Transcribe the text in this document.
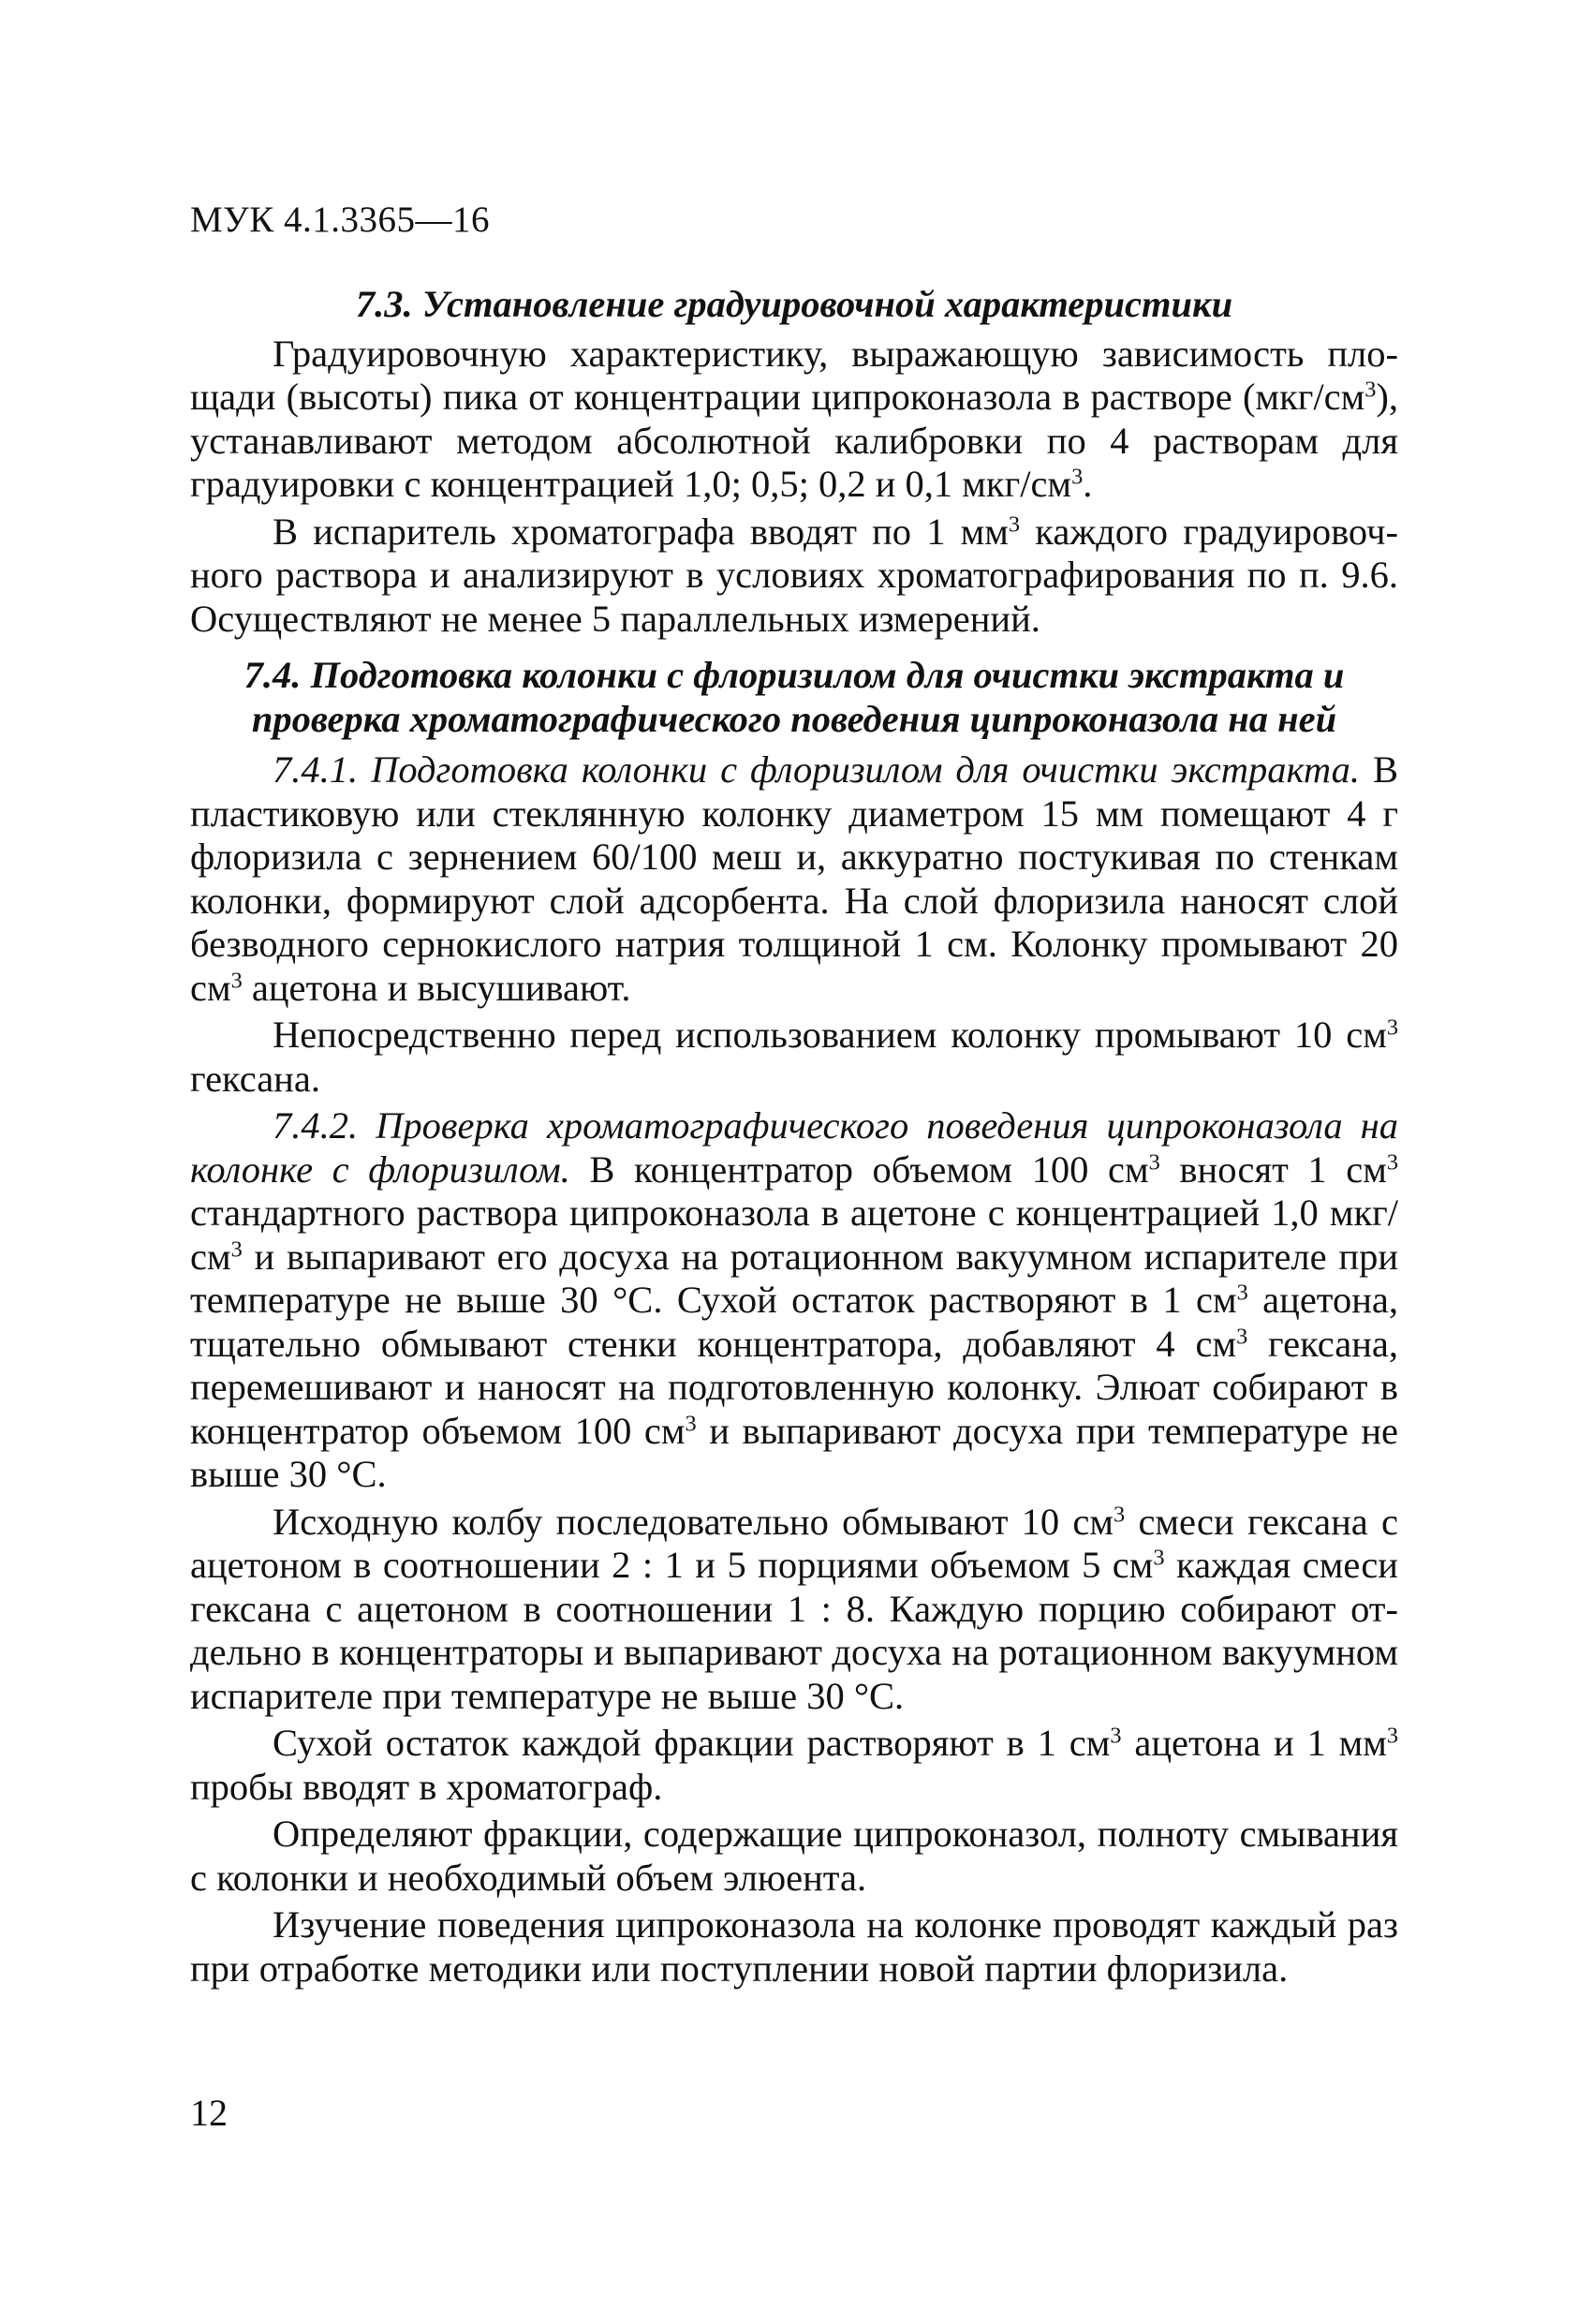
МУК 4.1.3365—16

7.3. Установление градуировочной характеристики

Градуировочную характеристику, выражающую зависимость площади (высоты) пика от концентрации ципроконазола в растворе $(мкг/см^3)$, устанавливают методом абсолютной калибровки по 4 растворам для градуировки с концентрацией 1,0; 0,5; 0,2 и 0,1 мкг/$см^3$.

В испаритель хроматографа вводят по 1 $мм^3$ каждого градуировочного раствора и анализируют в условиях хроматографирования по п. 9.6. Осуществляют не менее 5 параллельных измерений.

7.4. Подготовка колонки с флоризилом для очистки экстракта и
проверка хроматографического поведения ципроконазола на ней

7.4.1. Подготовка колонки с флоризилом для очистки экстракта. В пластиковую или стеклянную колонку диаметром 15 мм помещают 4 г флоризила с зернением 60/100 меш и, аккуратно постукивая по стенкам колонки, формируют слой адсорбента. На слой флоризила наносят слой безводного сернокислого натрия толщиной 1 см. Колонку промывают 20 $см^3$ ацетона и высушивают.

Непосредственно перед использованием колонку промывают 10 $см^3$ гексана.

7.4.2. Проверка хроматографического поведения ципроконазола на колонке с флоризилом. В концентратор объемом 100 $см^3$ вносят 1 $см^3$ стандартного раствора ципроконазола в ацетоне с концентрацией 1,0 мкг/$см^3$ и выпаривают его досуха на ротационном вакуумном испарителе при температуре не выше 30 °С. Сухой остаток растворяют в 1 $см^3$ ацетона, тщательно обмывают стенки концентратора, добавляют 4 $см^3$ гексана, перемешивают и наносят на подготовленную колонку. Элюат собирают в концентратор объемом 100 $см^3$ и выпаривают досуха при температуре не выше 30 °С.

Исходную колбу последовательно обмывают 10 $см^3$ смеси гексана с ацетоном в соотношении 2 : 1 и 5 порциями объемом 5 $см^3$ каждая смеси гексана с ацетоном в соотношении 1 : 8. Каждую порцию собирают отдельно в концентраторы и выпаривают досуха на ротационном вакуумном испарителе при температуре не выше 30 °С.

Сухой остаток каждой фракции растворяют в 1 $см^3$ ацетона и 1 $мм^3$ пробы вводят в хроматограф.

Определяют фракции, содержащие ципроконазол, полноту смывания с колонки и необходимый объем элюента.

Изучение поведения ципроконазола на колонке проводят каждый раз при отработке методики или поступлении новой партии флоризила.

12
